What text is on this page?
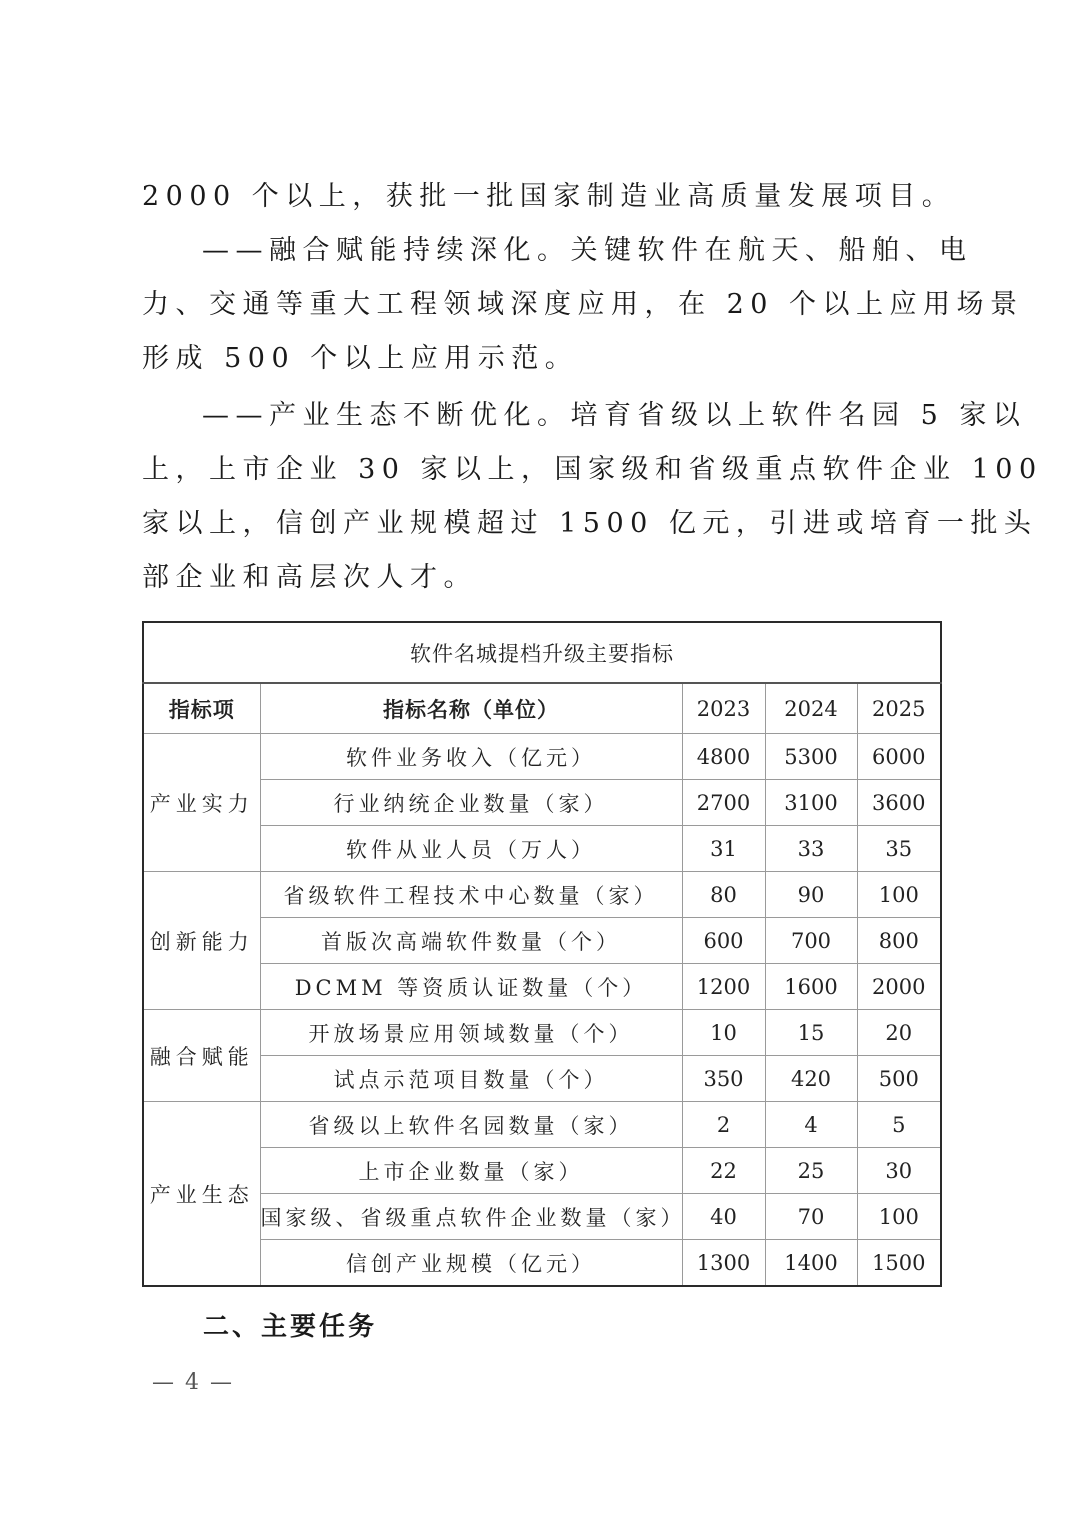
2000 个以上，获批一批国家制造业高质量发展项目。
——融合赋能持续深化。关键软件在航天、船舶、电
力、交通等重大工程领域深度应用，在 20 个以上应用场景
形成 500 个以上应用示范。
——产业生态不断优化。培育省级以上软件名园 5 家以
上，上市企业 30 家以上，国家级和省级重点软件企业 100
家以上，信创产业规模超过 1500 亿元，引进或培育一批头
部企业和高层次人才。
软件名城提档升级主要指标				
指标项	指标名称（单位）	2023	2024	2025
产业实力	软件业务收入（亿元）	4800	5300	6000
	行业纳统企业数量（家）	2700	3100	3600
	软件从业人员（万人）	31	33	35
创新能力	省级软件工程技术中心数量（家）	80	90	100
	首版次高端软件数量（个）	600	700	800
	DCMM 等资质认证数量（个）	1200	1600	2000
融合赋能	开放场景应用领域数量（个）	10	15	20
	试点示范项目数量（个）	350	420	500
产业生态	省级以上软件名园数量（家）	2	4	5
	上市企业数量（家）	22	25	30
	国家级、省级重点软件企业数量（家）	40	70	100
	信创产业规模（亿元）	1300	1400	1500
二、主要任务
— 4 —
